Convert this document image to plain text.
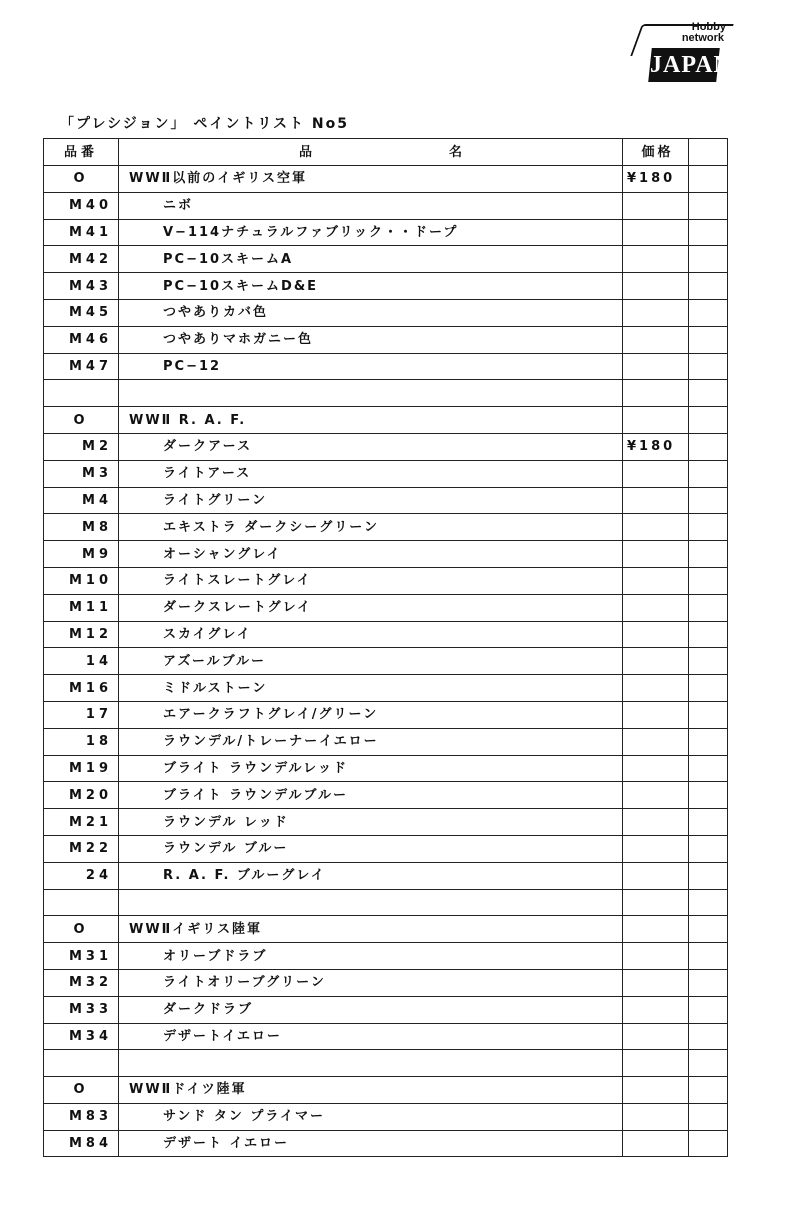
Hobby
network
JAPAN
「プレシジョン」 ペイントリスト No5
品番	品 名	価格	
O	WWⅡ以前のイギリス空軍	¥180	
M40	ニボ		
M41	V−114ナチュラルファブリック・・ドープ		
M42	PC−10スキームA		
M43	PC−10スキームD&E		
M45	つやありカバ色		
M46	つやありマホガニー色		
M47	PC−12		

O	WWⅡ R. A. F.		
M2	ダークアース	¥180	
M3	ライトアース		
M4	ライトグリーン		
M8	エキストラ ダークシーグリーン		
M9	オーシャングレイ		
M10	ライトスレートグレイ		
M11	ダークスレートグレイ		
M12	スカイグレイ		
14	アズールブルー		
M16	ミドルストーン		
17	エアークラフトグレイ/グリーン		
18	ラウンデル/トレーナーイエロー		
M19	ブライト ラウンデルレッド		
M20	ブライト ラウンデルブルー		
M21	ラウンデル レッド		
M22	ラウンデル ブルー		
24	R. A. F. ブルーグレイ		

O	WWⅡイギリス陸軍		
M31	オリーブドラブ		
M32	ライトオリーブグリーン		
M33	ダークドラブ		
M34	デザートイエロー		

O	WWⅡドイツ陸軍		
M83	サンド タン プライマー		
M84	デザート イエロー		
